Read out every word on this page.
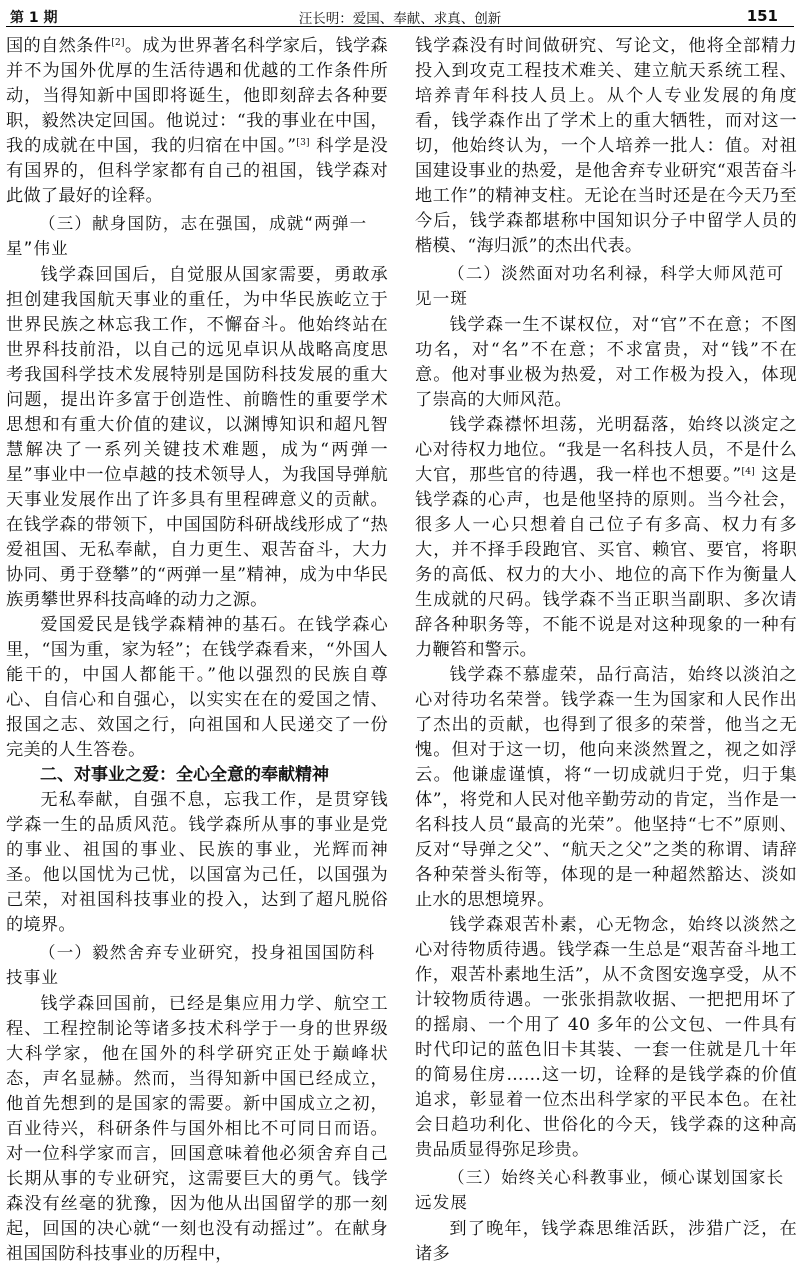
第 1 期	汪长明：爱国、奉献、求真、创新	151

国的自然条件[2]。成为世界著名科学家后，钱学森并不为国外优厚的生活待遇和优越的工作条件所动，当得知新中国即将诞生，他即刻辞去各种要职，毅然决定回国。他说过：“我的事业在中国，我的成就在中国，我的归宿在中国。”[3] 科学是没有国界的，但科学家都有自己的祖国，钱学森对此做了最好的诠释。

（三）献身国防，志在强国，成就“两弹一星”伟业

钱学森回国后，自觉服从国家需要，勇敢承担创建我国航天事业的重任，为中华民族屹立于世界民族之林忘我工作，不懈奋斗。他始终站在世界科技前沿，以自己的远见卓识从战略高度思考我国科学技术发展特别是国防科技发展的重大问题，提出许多富于创造性、前瞻性的重要学术思想和有重大价值的建议，以渊博知识和超凡智慧解决了一系列关键技术难题，成为“两弹一星”事业中一位卓越的技术领导人，为我国导弹航天事业发展作出了许多具有里程碑意义的贡献。在钱学森的带领下，中国国防科研战线形成了“热爱祖国、无私奉献，自力更生、艰苦奋斗，大力协同、勇于登攀”的“两弹一星”精神，成为中华民族勇攀世界科技高峰的动力之源。

爱国爱民是钱学森精神的基石。在钱学森心里，“国为重，家为轻”；在钱学森看来，“外国人能干的，中国人都能干。”他以强烈的民族自尊心、自信心和自强心，以实实在在的爱国之情、报国之志、效国之行，向祖国和人民递交了一份完美的人生答卷。

二、对事业之爱：全心全意的奉献精神

无私奉献，自强不息，忘我工作，是贯穿钱学森一生的品质风范。钱学森所从事的事业是党的事业、祖国的事业、民族的事业，光辉而神圣。他以国忧为己忧，以国富为己任，以国强为己荣，对祖国科技事业的投入，达到了超凡脱俗的境界。

（一）毅然舍弃专业研究，投身祖国国防科技事业

钱学森回国前，已经是集应用力学、航空工程、工程控制论等诸多技术科学于一身的世界级大科学家，他在国外的科学研究正处于巅峰状态，声名显赫。然而，当得知新中国已经成立，他首先想到的是国家的需要。新中国成立之初，百业待兴，科研条件与国外相比不可同日而语。对一位科学家而言，回国意味着他必须舍弃自己长期从事的专业研究，这需要巨大的勇气。钱学森没有丝毫的犹豫，因为他从出国留学的那一刻起，回国的决心就“一刻也没有动摇过”。在献身祖国国防科技事业的历程中，

钱学森没有时间做研究、写论文，他将全部精力投入到攻克工程技术难关、建立航天系统工程、培养青年科技人员上。从个人专业发展的角度看，钱学森作出了学术上的重大牺牲，而对这一切，他始终认为，一个人培养一批人：值。对祖国建设事业的热爱，是他舍弃专业研究“艰苦奋斗地工作”的精神支柱。无论在当时还是在今天乃至今后，钱学森都堪称中国知识分子中留学人员的楷模、“海归派”的杰出代表。

（二）淡然面对功名利禄，科学大师风范可见一斑

钱学森一生不谋权位，对“官”不在意；不图功名，对“名”不在意；不求富贵，对“钱”不在意。他对事业极为热爱，对工作极为投入，体现了崇高的大师风范。

钱学森襟怀坦荡，光明磊落，始终以淡定之心对待权力地位。“我是一名科技人员，不是什么大官，那些官的待遇，我一样也不想要。”[4] 这是钱学森的心声，也是他坚持的原则。当今社会，很多人一心只想着自己位子有多高、权力有多大，并不择手段跑官、买官、赖官、要官，将职务的高低、权力的大小、地位的高下作为衡量人生成就的尺码。钱学森不当正职当副职、多次请辞各种职务等，不能不说是对这种现象的一种有力鞭笞和警示。

钱学森不慕虚荣，品行高洁，始终以淡泊之心对待功名荣誉。钱学森一生为国家和人民作出了杰出的贡献，也得到了很多的荣誉，他当之无愧。但对于这一切，他向来淡然置之，视之如浮云。他谦虚谨慎，将“一切成就归于党，归于集体”，将党和人民对他辛勤劳动的肯定，当作是一名科技人员“最高的光荣”。他坚持“七不”原则、反对“导弹之父”、“航天之父”之类的称谓、请辞各种荣誉头衔等，体现的是一种超然豁达、淡如止水的思想境界。

钱学森艰苦朴素，心无物念，始终以淡然之心对待物质待遇。钱学森一生总是“艰苦奋斗地工作，艰苦朴素地生活”，从不贪图安逸享受，从不计较物质待遇。一张张捐款收据、一把把用坏了的摇扇、一个用了 40 多年的公文包、一件具有时代印记的蓝色旧卡其装、一套一住就是几十年的简易住房……这一切，诠释的是钱学森的价值追求，彰显着一位杰出科学家的平民本色。在社会日趋功利化、世俗化的今天，钱学森的这种高贵品质显得弥足珍贵。

（三）始终关心科教事业，倾心谋划国家长远发展

到了晚年，钱学森思维活跃，涉猎广泛，在诸多
